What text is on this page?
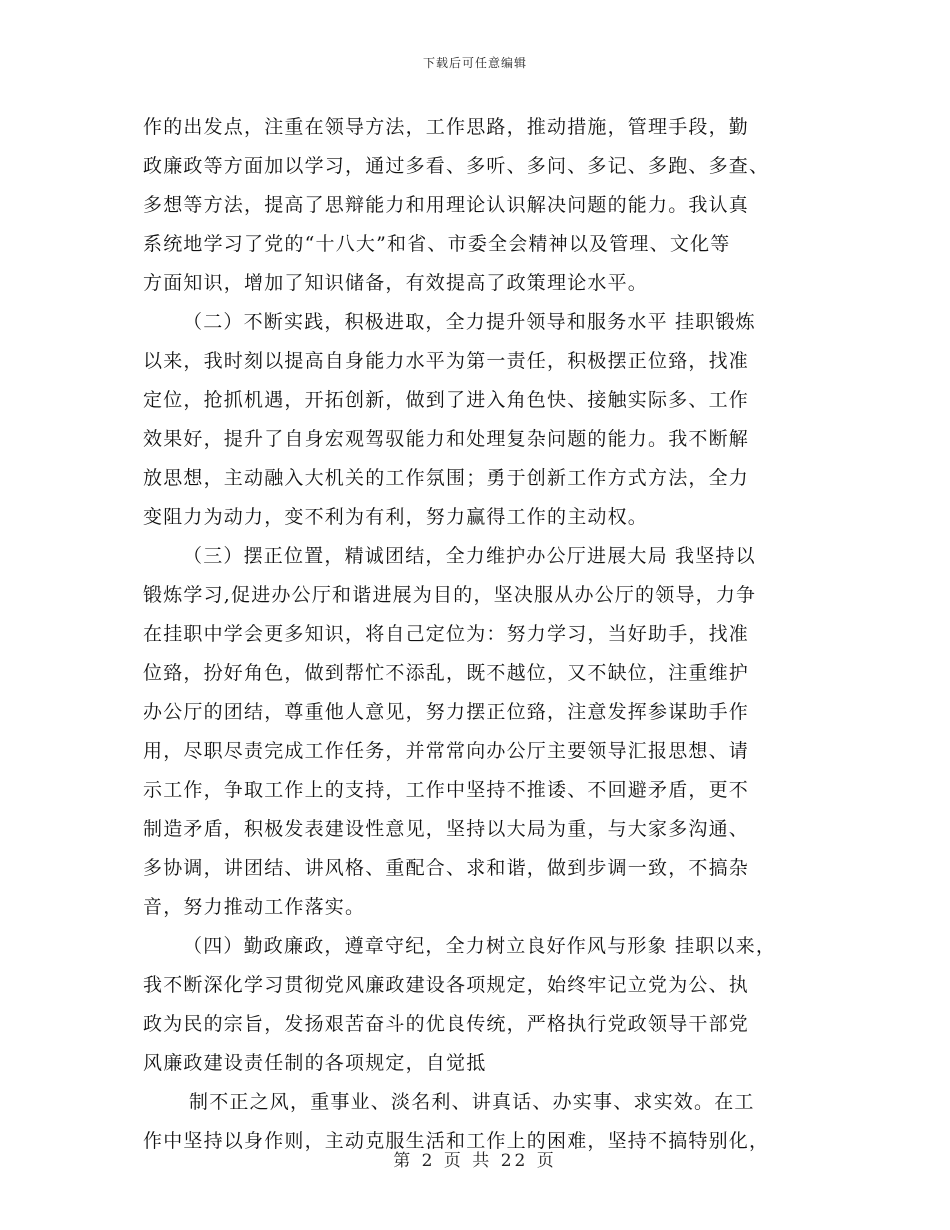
下载后可任意编辑
作的出发点，注重在领导方法，工作思路，推动措施，管理手段，勤
政廉政等方面加以学习，通过多看、多听、多问、多记、多跑、多查、
多想等方法，提高了思辩能力和用理论认识解决问题的能力。我认真
系统地学习了党的“十八大”和省、市委全会精神以及管理、文化等
方面知识，增加了知识储备，有效提高了政策理论水平。
（二）不断实践，积极进取，全力提升领导和服务水平 挂职锻炼
以来，我时刻以提高自身能力水平为第一责任，积极摆正位臵，找准
定位，抢抓机遇，开拓创新，做到了进入角色快、接触实际多、工作
效果好，提升了自身宏观驾驭能力和处理复杂问题的能力。我不断解
放思想，主动融入大机关的工作氛围；勇于创新工作方式方法，全力
变阻力为动力，变不利为有利，努力赢得工作的主动权。
（三）摆正位置，精诚团结，全力维护办公厅进展大局 我坚持以
锻炼学习,促进办公厅和谐进展为目的，坚决服从办公厅的领导，力争
在挂职中学会更多知识，将自己定位为：努力学习，当好助手，找准
位臵，扮好角色，做到帮忙不添乱，既不越位，又不缺位，注重维护
办公厅的团结，尊重他人意见，努力摆正位臵，注意发挥参谋助手作
用，尽职尽责完成工作任务，并常常向办公厅主要领导汇报思想、请
示工作，争取工作上的支持，工作中坚持不推诿、不回避矛盾，更不
制造矛盾，积极发表建设性意见，坚持以大局为重，与大家多沟通、
多协调，讲团结、讲风格、重配合、求和谐，做到步调一致，不搞杂
音，努力推动工作落实。
（四）勤政廉政，遵章守纪，全力树立良好作风与形象 挂职以来，
我不断深化学习贯彻党风廉政建设各项规定，始终牢记立党为公、执
政为民的宗旨，发扬艰苦奋斗的优良传统，严格执行党政领导干部党
风廉政建设责任制的各项规定，自觉抵
制不正之风，重事业、淡名利、讲真话、办实事、求实效。在工
作中坚持以身作则，主动克服生活和工作上的困难，坚持不搞特别化，
第 2 页 共 22 页
